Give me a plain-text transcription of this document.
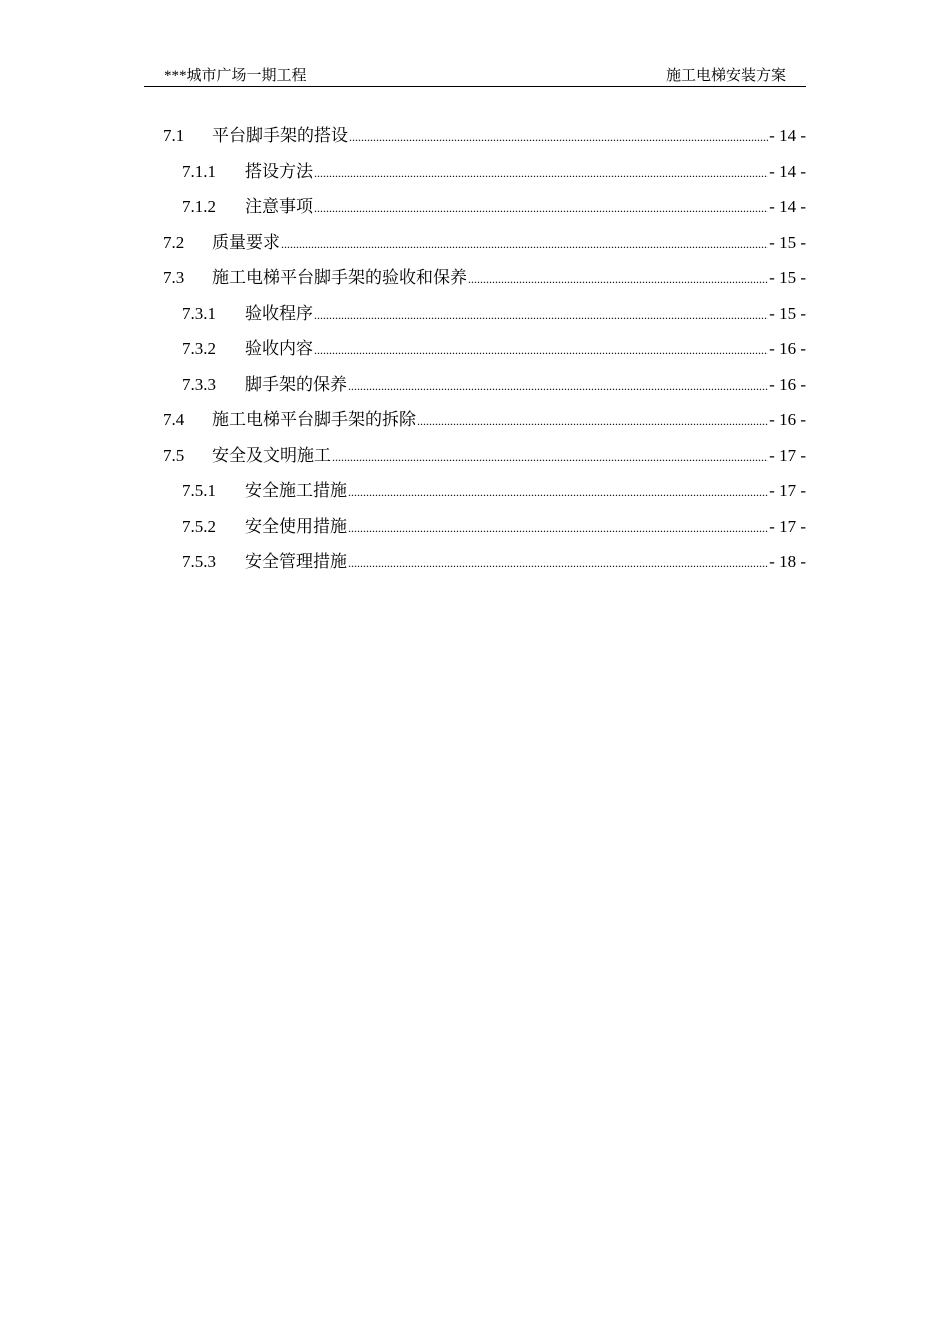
***城市广场一期工程	施工电梯安装方案
7.1	平台脚手架的搭设 .....	- 14 -
7.1.1	搭设方法 .....	- 14 -
7.1.2	注意事项 .....	- 14 -
7.2	质量要求 .....	- 15 -
7.3	施工电梯平台脚手架的验收和保养 .....	- 15 -
7.3.1	验收程序 .....	- 15 -
7.3.2	验收内容 .....	- 16 -
7.3.3	脚手架的保养 .....	- 16 -
7.4	施工电梯平台脚手架的拆除 .....	- 16 -
7.5	安全及文明施工 .....	- 17 -
7.5.1	安全施工措施 .....	- 17 -
7.5.2	安全使用措施 .....	- 17 -
7.5.3	安全管理措施 .....	- 18 -
